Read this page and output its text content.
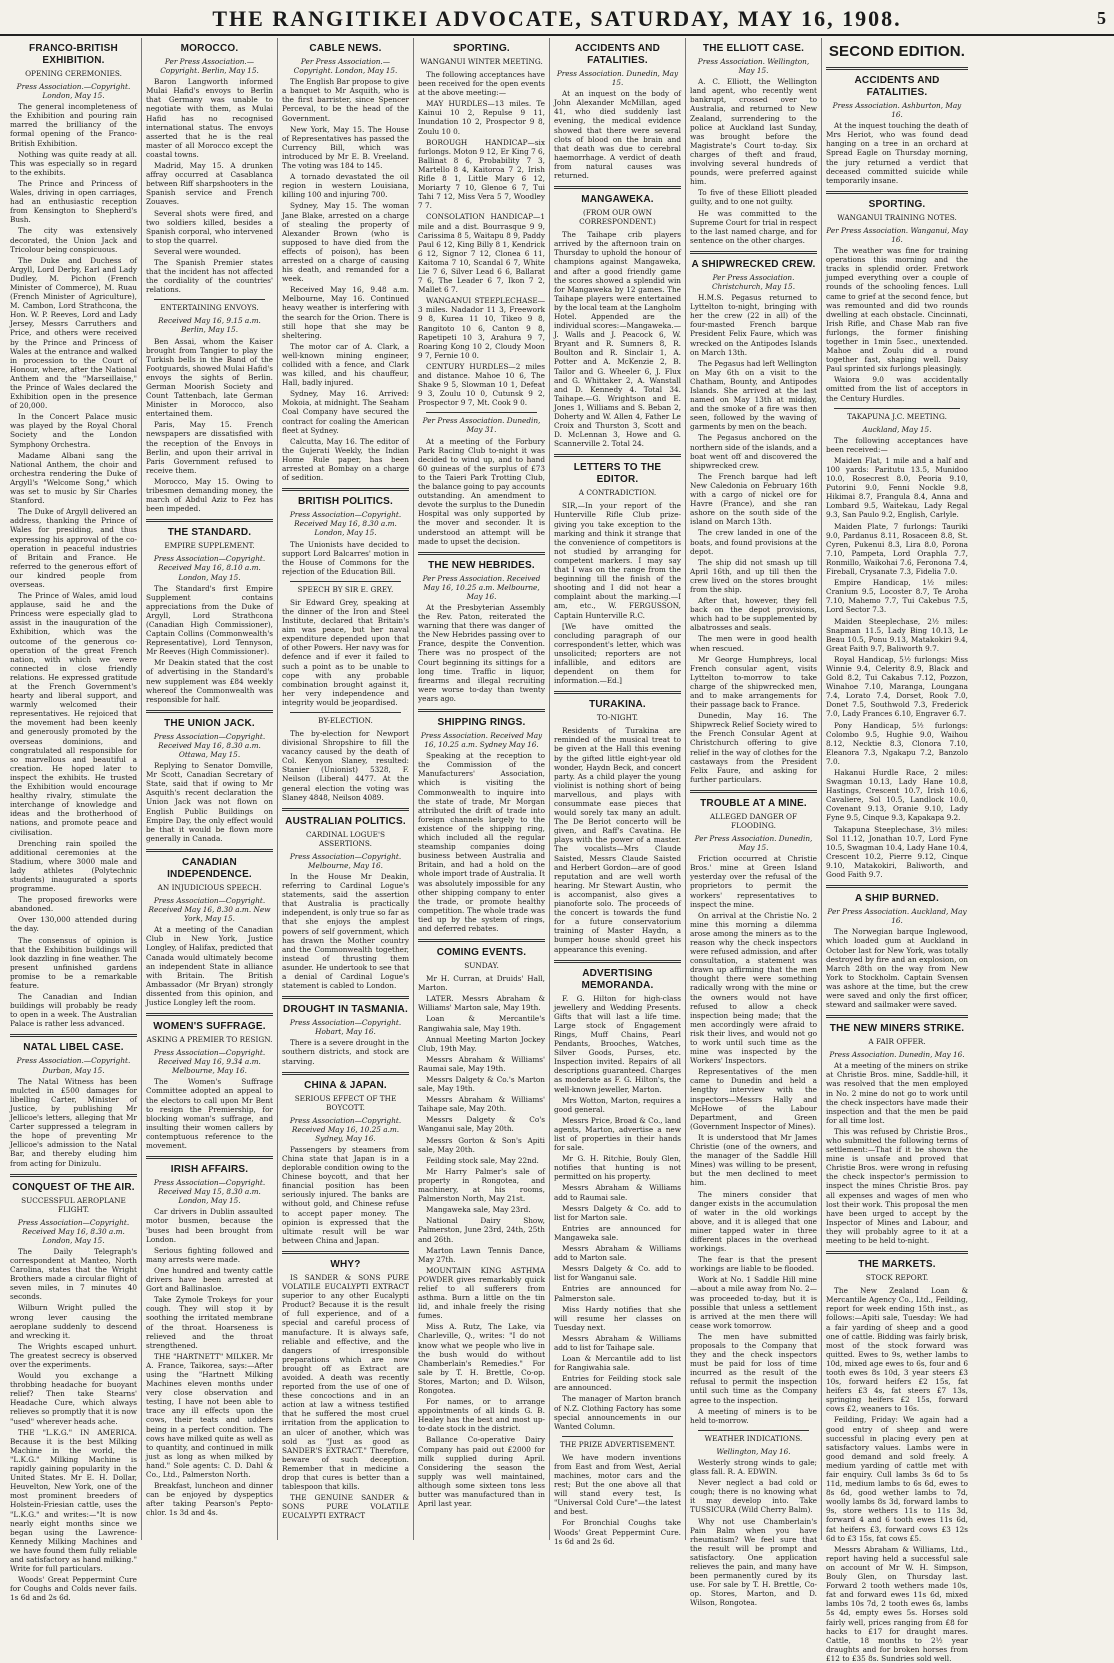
THE RANGITIKEI ADVOCATE, SATURDAY, MAY 16, 1908.	5
FRANCO-BRITISH EXHIBITION.
OPENING CEREMONIES.

Press Association.—Copyright. London, May 15.

The general incompleteness of the Exhibition and pouring rain marred the brilliancy of the formal opening of the Franco-British Exhibition.

Nothing was quite ready at all. This was especially so in regard to the exhibits.

The Prince and Princess of Wales, driving in open carriages, had an enthusiastic reception from Kensington to Shepherd's Bush.

The city was extensively decorated, the Union Jack and Tricolour being conspicuous.

The Duke and Duchess of Argyll, Lord Derby, Earl and Lady Dudley, M. Pichon (French Minister of Commerce), M. Ruau (French Minister of Agriculture), M. Cambon, Lord Strathcona, the Hon. W. P. Reeves, Lord and Lady Jersey, Messrs Carruthers and Price, and others were received by the Prince and Princess of Wales at the entrance and walked in procession to the Court of Honour, where, after the National Anthem and the "Marseillaise," the Prince of Wales declared the Exhibition open in the presence of 20,000.

In the Concert Palace music was played by the Royal Choral Society and the London Symphony Orchestra.

Madame Albani sang the National Anthem, the choir and orchestra rendering the Duke of Argyll's "Welcome Song," which was set to music by Sir Charles Stanford.

The Duke of Argyll delivered an address, thanking the Prince of Wales for presiding, and thus expressing his approval of the co-operation in peaceful industries of Britain and France. He referred to the generous effort of our kindred people from overseas.

The Prince of Wales, amid loud applause, said he and the Princess were especially glad to assist in the inauguration of the Exhibition, which was the outcome of the generous co-operation of the great French nation, with which we were connected in close friendly relations. He expressed gratitude at the French Government's hearty and liberal support, and warmly welcomed their representatives. He rejoiced that the movement had been keenly and generously promoted by the overseas dominions, and congratulated all responsible for so marvellous and beautiful a creation. He hoped later to inspect the exhibits. He trusted the Exhibition would encourage healthy rivalry, stimulate the interchange of knowledge and ideas and the brotherhood of nations, and promote peace and civilisation.

Drenching rain spoiled the additional ceremonies at the Stadium, where 3000 male and lady athletes (Polytechnic students) inaugurated a sports programme.

The proposed fireworks were abandoned.

Over 130,000 attended during the day.

The consensus of opinion is that the Exhibition buildings will look dazzling in fine weather. The present unfinished gardens promise to be a remarkable feature.

The Canadian and Indian buildings will probably be ready to open in a week. The Australian Palace is rather less advanced.

NATAL LIBEL CASE.

Press Association.—Copyright. Durban, May 15.

The Natal Witness has been mulcted in £500 damages for libelling Carter, Minister of Justice, by publishing Mr Jellicoe's letters, alleging that Mr Carter suppressed a telegram in the hope of preventing Mr Jellicoe's admission to the Natal Bar, and thereby eluding him from acting for Dinizulu.

CONQUEST OF THE AIR.
SUCCESSFUL AEROPLANE FLIGHT.

Press Association—Copyright. Received May 16, 8.30 a.m. London, May 15.

The Daily Telegraph's correspondent at Manteo, North Carolina, states that the Wright Brothers made a circular flight of seven miles, in 7 minutes 40 seconds.

Wilburn Wright pulled the wrong lever causing the aeroplane suddenly to descend and wrecking it.

The Wrights escaped unhurt. The greatest secrecy is observed over the experiments.

Would you exchange a throbbing headache for buoyant relief? Then take Stearns' Headache Cure, which always relieves so promptly that it is now "used" wherever heads ache.

THE "L.K.G." IN AMERICA. Because it is the best Milking Machine in the world, the "L.K.G." Milking Machine is rapidly gaining popularity in the United States. Mr E. H. Dollar, Heuvelton, New York, one of the most prominent breeders of Holstein-Friesian cattle, uses the "L.K.G." and writes:—"It is now nearly eight months since we began using the Lawrence-Kennedy Milking Machines and we have found them fully reliable and satisfactory as hand milking." Write for full particulars.

Woods' Great Peppermint Cure for Coughs and Colds never fails. 1s 6d and 2s 6d.

MOROCCO.

Per Press Association.—Copyright. Berlin, May 15.

Baron Langworth informed Mulai Hafid's envoys to Berlin that Germany was unable to negotiate with them, as Mulai Hafid has no recognised international status. The envoys asserted that he is the real master of all Morocco except the coastal towns.

Madrid, May 15. A drunken affray occurred at Casablanca between Riff sharpshooters in the Spanish service and French Zouaves.

Several shots were fired, and two soldiers killed, besides a Spanish corporal, who intervened to stop the quarrel.

Several were wounded.

The Spanish Premier states that the incident has not affected the cordiality of the countries' relations.

ENTERTAINING ENVOYS.

Received May 16, 9.15 a.m. Berlin, May 15.

Ben Assai, whom the Kaiser brought from Tangier to play the Turkish bells in the Band of the Footguards, showed Mulai Hafid's envoys the sights of Berlin. German Moorish Society and Count Tattenbach, late German Minister in Morocco, also entertained them.

Paris, May 15. French newspapers are dissatisfied with the reception of the Envoys in Berlin, and upon their arrival in Paris Government refused to receive them.

Morocco, May 15. Owing to tribesmen demanding money, the march of Abdul Aziz to Fez has been impeded.

THE STANDARD.
EMPIRE SUPPLEMENT.

Press Association—Copyright. Received May 16, 8.10 a.m. London, May 15.

The Standard's first Empire Supplement contains appreciations from the Duke of Argyll, Lord Strathcona (Canadian High Commissioner), Captain Collins (Commonwealth's Representative), Lord Tennyson, Mr Reeves (High Commissioner).

Mr Deakin stated that the cost of advertising in the Standard's new supplement was £84 weekly whereof the Commonwealth was responsible for half.

THE UNION JACK.

Press Association—Copyright. Received May 16, 8.30 a.m. Ottawa, May 15.

Replying to Senator Domville, Mr Scott, Canadian Secretary of State, said that if owing to Mr Asquith's recent declaration the Union Jack was not flown on English Public Buildings on Empire Day, the only effect would be that it would be flown more generally in Canada.

CANADIAN INDEPENDENCE.
AN INJUDICIOUS SPEECH.

Press Association—Copyright. Received May 16, 8.30 a.m. New York, May 15.

At a meeting of the Canadian Club in New York, Justice Longley, of Halifax, predicted that Canada would ultimately become an independent State in alliance with Britain. The British Ambassador (Mr Bryan) strongly dissented from this opinion, and Justice Longley left the room.

WOMEN'S SUFFRAGE.
ASKING A PREMIER TO RESIGN.

Press Association—Copyright. Received May 16, 9.34 a.m. Melbourne, May 16.

The Women's Suffrage Committee adopted an appeal to the electors to call upon Mr Bent to resign the Premiership, for blocking woman's suffrage, and insulting their women callers by contemptuous reference to the movement.

IRISH AFFAIRS.

Press Association—Copyright. Received May 15, 8.30 a.m. London, May 15.

Car drivers in Dublin assaulted motor busmen, because the 'buses had been brought from London.

Serious fighting followed and many arrests were made.

One hundred and twenty cattle drivers have been arrested at Gort and Ballinasloe.

Take Zymole Trokeys for your cough. They will stop it by soothing the irritated membrane of the throat. Hoarseness is relieved and the throat strengthened.

THE "HARTNETT" MILKER. Mr A. France, Taikorea, says:—After using the "Hartnett Milking Machines eleven months under very close observation and testing, I have not been able to trace any ill effects upon the cows, their teats and udders being in a perfect condition. The cows have milked quite as well as to quantity, and continued in milk just as long as when milked by hand." Sole agents: C. D. Dahl & Co., Ltd., Palmerston North.

Breakfast, luncheon and dinner can be enjoyed by dyspeptics after taking Pearson's Pepto-chlor. 1s 3d and 4s.

CABLE NEWS.

Per Press Association.—Copyright. London, May 15.

The English Bar propose to give a banquet to Mr Asquith, who is the first barrister, since Spencer Perceval, to be the head of the Government.

New York, May 15. The House of Representatives has passed the Currency Bill, which was introduced by Mr E. B. Vreeland. The voting was 184 to 145.

A tornado devastated the oil region in western Louisiana, killing 100 and injuring 700.

Sydney, May 15. The woman Jane Blake, arrested on a charge of stealing the property of Alexander Brown (who is supposed to have died from the effects of poison), has been arrested on a charge of causing his death, and remanded for a week.

Received May 16, 9.48 a.m. Melbourne, May 16. Continued heavy weather is interfering with the search for the Orion. There is still hope that she may be sheltering.

The motor car of A. Clark, a well-known mining engineer, collided with a fence, and Clark was killed, and his chauffeur, Hall, badly injured.

Sydney, May 16. Arrived: Mokoia, at midnight. The Seaham Coal Company have secured the contract for coaling the American fleet at Sydney.

Calcutta, May 16. The editor of the Gujerati Weekly, the Indian Home Rule paper, has been arrested at Bombay on a charge of sedition.

BRITISH POLITICS.

Press Association—Copyright. Received May 16, 8.30 a.m. London, May 15.

The Unionists have decided to support Lord Balcarres' motion in the House of Commons for the rejection of the Education Bill.

SPEECH BY SIR E. GREY.

Sir Edward Grey, speaking at the dinner of the Iron and Steel Institute, declared that Britain's aim was peace, but her naval expenditure depended upon that of other Powers. Her navy was for defence and if ever it failed to such a point as to be unable to cope with any probable combination brought against it, her very independence and integrity would be jeopardised.

BY-ELECTION.

The by-election for Newport divisional Shropshire to fill the vacancy caused by the death of Col. Kenyon Slaney, resulted: Stanier (Unionist) 5328, F. Neilson (Liberal) 4477. At the general election the voting was Slaney 4848, Neilson 4089.

AUSTRALIAN POLITICS.
CARDINAL LOGUE'S ASSERTIONS.

Press Association—Copyright. Melbourne, May 16.

In the House Mr Deakin, referring to Cardinal Logue's statements, said the assertion that Australia is practically independent, is only true so far as that she enjoys the amplest powers of self government, which has drawn the Mother country and the Commonwealth together, instead of thrusting them asunder. He undertook to see that a denial of Cardinal Logue's statement is cabled to London.

DROUGHT IN TASMANIA.

Press Association—Copyright. Hobart, May 16.

There is a severe drought in the southern districts, and stock are starving.

CHINA & JAPAN.
SERIOUS EFFECT OF THE BOYCOTT.

Press Association—Copyright. Received May 16, 10.25 a.m. Sydney, May 16.

Passengers by steamers from China state that Japan is in a deplorable condition owing to the Chinese boycott, and that her financial position has been seriously injured. The banks are without gold, and Chinese refuse to accept paper money. The opinion is expressed that the ultimate result will be war between China and Japan.

WHY?

IS SANDER & SONS PURE VOLATILE EUCALYPTI EXTRACT superior to any other Eucalypti Product? Because it is the result of full experience, and of a special and careful process of manufacture. It is always safe, reliable and effective, and the dangers of irresponsible preparations which are now brought off as Extract are avoided. A death was recently reported from the use of one of these concoctions and in an action at law a witness testified that he suffered the most cruel irritation from the application to an ulcer of another, which was sold as "Just as good as SANDER'S EXTRACT." Therefore, beware of such deception. Remember that in medicine a drop that cures is better than a tablespoon that kills.

THE GENUINE SANDER & SONS PURE VOLATILE EUCALYPTI EXTRACT

SPORTING.
WANGANUI WINTER MEETING.

The following acceptances have been received for the open events at the above meeting:—

MAY HURDLES—13 miles. Te Kainui 10 2, Repulse 9 11, Inundation 10 2, Prospector 9 8, Zoulu 10 0.

BOROUGH HANDICAP—six furlongs. Moton 9 12, Er King 7 6, Ballinat 8 6, Probability 7 3, Martello 8 4, Kaitoroa 7 2, Irish Rifle 8 1, Little Mary 6 12, Moriarty 7 10, Glenoe 6 7, Tui Tahi 7 12, Miss Vera 5 7, Woodley 7 7.

CONSOLATION HANDICAP—1 mile and a dist. Bourrasque 9 9, Carissima 8 5, Waitapu 8 9, Paddy Paul 6 12, King Billy 8 1, Kendrick 6 12, Signor 7 12, Clonea 6 11, Kaitoma 7 10, Scandal 6 7, White Lie 7 6, Silver Lead 6 6, Ballarat 7 6, The Leader 6 7, Ikon 7 2, Mallet 6 7.

WANGANUI STEEPLECHASE—3 miles. Nadador 11 3, Freework 9 8, Kurea 11 10, Tikeo 9 8, Rangitoto 10 6, Canton 9 8, Rapetipeti 10 3, Arahura 9 7, Roaring Kong 10 2, Cloudy Moon 9 7, Fernie 10 0.

CENTURY HURDLES—2 miles and distance. Mahoe 10 6, The Shake 9 5, Slowman 10 1, Defeat 9 3, Zoulu 10 0, Cutunsk 9 2, Prospector 9 7, Mt. Cook 9 0.

Per Press Association. Dunedin, May 31.

At a meeting of the Forbury Park Racing Club to-night it was decided to wind up, and to hand 60 guineas of the surplus of £73 to the Taieri Park Trotting Club, the balance going to pay accounts outstanding. An amendment to devote the surplus to the Dunedin Hospital was only supported by the mover and seconder. It is understood an attempt will be made to upset the decision.

THE NEW HEBRIDES.

Per Press Association. Received May 16, 10.25 a.m. Melbourne, May 16.

At the Presbyterian Assembly the Rev. Paton, reiterated the warning that there was danger of the New Hebrides passing over to France, despite the Convention. There was no prospect of the Court beginning its sittings for a long time. Traffic in liquor, firearms and illegal recruiting were worse to-day than twenty years ago.

SHIPPING RINGS.

Press Association. Received May 16, 10.25 a.m. Sydney May 16.

Speaking at the reception to the Commission of the Manufacturers' Association, which is visiting the Commonwealth to inquire into the state of trade, Mr Morgan attributed the drift of trade into foreign channels largely to the existence of the shipping ring, which included all the regular steamship companies doing business between Australia and Britain, and had a hold on the whole import trade of Australia. It was absolutely impossible for any other shipping company to enter the trade, or promote healthy competition. The whole trade was tied up by the system of rings, and deferred rebates.

COMING EVENTS.
SUNDAY.

Mr H. Curran, at Druids' Hall, Marton.

LATER. Messrs Abraham & Williams' Marton sale, May 19th.

Loan & Mercantile's Rangiwahia sale, May 19th.

Annual Meeting Marton Jockey Club, 19th May.

Messrs Abraham & Williams' Raumai sale, May 19th.

Messrs Dalgety & Co.'s Marton sale, May 19th.

Messrs Abraham & Williams' Taihape sale, May 20th.

Messrs Dalgety & Co's Wanganui sale, May 20th.

Messrs Gorton & Son's Apiti sale, May 20th.

Feilding stock sale, May 22nd.

Mr Harry Palmer's sale of property in Rongotea, and machinery, at his rooms, Palmerston North, May 21st.

Mangaweka sale, May 23rd.

National Dairy Show, Palmerston, June 23rd, 24th, 25th and 26th.

Marton Lawn Tennis Dance, May 27th.

MOUNTAIN KING ASTHMA POWDER gives remarkably quick relief to all sufferers from asthma. Burn a little on the tin lid, and inhale freely the rising fumes.

Miss A. Rutz, The Lake, via Charleville, Q., writes: "I do not know what we people who live in the bush would do without Chamberlain's Remedies." For sale by T. H. Brettle, Co-op. Stores, Marton; and D. Wilson, Rongotea.

For names, or to arrange appointments of all kinds G. B. Healey has the best and most up-to-date stock in the district.

Ballance Co-operative Dairy Company has paid out £2000 for milk supplied during April. Considering the season the supply was well maintained, although some sixteen tons less butter was manufactured than in April last year.

ACCIDENTS AND FATALITIES.

Press Association. Dunedin, May 15.

At an inquest on the body of John Alexander McMillan, aged 41, who died suddenly last evening, the medical evidence showed that there were several clots of blood on the brain and that death was due to cerebral haemorrhage. A verdict of death from natural causes was returned.

MANGAWEKA.
(FROM OUR OWN CORRESPONDENT.)

The Taihape crib players arrived by the afternoon train on Thursday to uphold the honour of champions against Mangaweka, and after a good friendly game the scores showed a splendid win for Mangaweka by 12 games. The Taihape players were entertained by the local team at the Langholm Hotel. Appended are the individual scores:—Mangaweka.—J. Walls and J. Peacock 6, W. Bryant and R. Sumners 8, R. Boulton and R. Sinclair 1, A. Potter and A. McKenzie 2, B. Tailor and G. Wheeler 6, J. Flux and G. Whittaker 2, A. Wanstall and D. Kennedy 4. Total 34. Taihape.—G. Wrightson and E. Jones 1, Williams and S. Beban 2, Doherty and W. Allen 4, Father Le Croix and Thurston 3, Scott and D. McLennan 3, Howe and G. Scannerville 2. Total 24.

LETTERS TO THE EDITOR.
A CONTRADICTION.

SIR,—In your report of the Hunterville Rifle Club prize-giving you take exception to the marking and think it strange that the convenience of competitors is not studied by arranging for competent markers. I may say that I was on the range from the beginning till the finish of the shooting and I did not hear a complaint about the marking.—I am, etc., W. FERGUSSON, Captain Hunterville R.C.

[We have omitted the concluding paragraph of our correspondent's letter, which was unsolicited; reporters are not infallible, and editors are dependent on them for information.—Ed.]

TURAKINA.
TO-NIGHT.

Residents of Turakina are reminded of the musical treat to be given at the Hall this evening by the gifted little eight-year old wonder, Haydn Beck, and concert party. As a child player the young violinist is nothing short of being marvellous, and plays with consummate ease pieces that would sorely tax many an adult. The De Beriot concerto will be given, and Raff's Cavatina. He plays with the power of a master. The vocalists—Mrs Claude Saisted, Messrs Claude Saisted and Herbert Gordon—are of good reputation and are well worth hearing. Mr Stewart Austin, who is accompanist, also gives a pianoforte solo. The proceeds of the concert is towards the fund for a future conservatorium training of Master Haydn, a bumper house should greet his appearance this evening.

ADVERTISING MEMORANDA.

F. G. Hilton for high-class jewellery and Wedding Presents. Gifts that will last a life time. Large stock of Engagement Rings, Muff Chains, Pearl Pendants, Brooches, Watches, Silver Goods, Purses, etc. Inspection invited. Repairs of all descriptions guaranteed. Charges as moderate as F. G. Hilton's, the well-known jeweller, Marton.

Mrs Wotton, Marton, requires a good general.

Messrs Price, Broad & Co., land agents, Marton, advertise a new list of properties in their hands for sale.

Mr G. H. Ritchie, Bouly Glen, notifies that hunting is not permitted on his property.

Messrs Abraham & Williams add to Raumai sale.

Messrs Dalgety & Co. add to list for Marton sale.

Entries are announced for Mangaweka sale.

Messrs Abraham & Williams add to Marton sale.

Messrs Dalgety & Co. add to list for Wanganui sale.

Entries are announced for Palmerston sale.

Miss Hardy notifies that she will resume her classes on Tuesday next.

Messrs Abraham & Williams add to list for Taihape sale.

Loan & Mercantile add to list for Rangiwahia sale.

Entries for Feilding stock sale are announced.

The manager of Marton branch of N.Z. Clothing Factory has some special announcements in our Wanted Column.

THE PRIZE ADVERTISEMENT.

We have modern inventions from East and from West, Aerial machines, motor cars and the rest; But the one above all that will stand every test, Is "Universal Cold Cure"—the latest and best.

For Bronchial Coughs take Woods' Great Peppermint Cure. 1s 6d and 2s 6d.

THE ELLIOTT CASE.

Press Association. Wellington, May 15.

A. C. Elliott, the Wellington land agent, who recently went bankrupt, crossed over to Australia, and returned to New Zealand, surrendering to the police at Auckland last Sunday, was brought before the Magistrate's Court to-day. Six charges of theft and fraud, involving several hundreds of pounds, were preferred against him.

To five of these Elliott pleaded guilty, and to one not guilty.

He was committed to the Supreme Court for trial in respect to the last named charge, and for sentence on the other charges.

A SHIPWRECKED CREW.

Per Press Association. Christchurch, May 15.

H.M.S. Pegasus returned to Lyttelton to-night, bringing with her the crew (22 in all) of the four-masted French barque President Felix Faure, which was wrecked on the Antipodes Islands on March 13th.

The Pegasus had left Wellington on May 6th on a visit to the Chatham, Bounty, and Antipodes Islands. She arrived at the last named on May 13th at midday, and the smoke of a fire was then seen, followed by the waving of garments by men on the beach.

The Pegasus anchored on the northern side of the islands, and a boat went off and discovered the shipwrecked crew.

The French barque had left New Caledonia on February 16th with a cargo of nickel ore for Havre (France), and she ran ashore on the south side of the island on March 13th.

The crew landed in one of the boats, and found provisions at the depot.

The ship did not smash up till April 16th, and up till then the crew lived on the stores brought from the ship.

After that, however, they fell back on the depot provisions, which had to be supplemented by albatrosses and seals.

The men were in good health when rescued.

Mr George Humphreys, local French consular agent, visits Lyttelton to-morrow to take charge of the shipwrecked men, and to make arrangements for their passage back to France.

Dunedin, May 16. The Shipwreck Relief Society wired to the French Consular Agent at Christchurch offering to give relief in the way of clothes for the castaways from the President Felix Faure, and asking for further particulars.

TROUBLE AT A MINE.
ALLEGED DANGER OF FLOODING.

Per Press Association. Dunedin, May 15.

Friction occurred at Christie Bros.' mine at Green Island yesterday over the refusal of the proprietors to permit the workers' representatives to inspect the mine.

On arrival at the Christie No. 2 mine this morning a dilemma arose among the miners as to the reason why the check inspectors were refused admission, and after consultation, a statement was drawn up affirming that the men thought there were something radically wrong with the mine or the owners would not have refused to allow a check inspection being made; that the men accordingly were afraid to risk their lives, and would not go to work until such time as the mine was inspected by the Workers' Inspectors.

Representatives of the men came to Dunedin and held a lengthy interview with the inspectors—Messrs Hally and McHowe of the Labour Department, and Green (Government Inspector of Mines).

It is understood that Mr James Christie (one of the owners, and the manager of the Saddle Hill Mines) was willing to be present, but the men declined to meet him.

The miners consider that danger exists in the accumulation of water in the old workings above, and it is alleged that one miner tapped water in three different places in the overhead workings.

The fear is that the present workings are liable to be flooded.

Work at No. 1 Saddle Hill mine—about a mile away from No. 2—was proceeded to-day, but it is possible that unless a settlement is arrived at the men there will cease work tomorrow.

The men have submitted proposals to the Company that they and the check inspectors must be paid for loss of time incurred as the result of the refusal to permit the inspection until such time as the Company agree to the inspection.

A meeting of miners is to be held to-morrow.

WEATHER INDICATIONS.

Wellington, May 16.

Westerly strong winds to gale; glass fall. R. A. EDWIN.

Never neglect a bad cold or cough; there is no knowing what it may develop into. Take TUSSICURA (Wild Cherry Balm).

Why not use Chamberlain's Pain Balm when you have rheumatism? We feel sure that the result will be prompt and satisfactory. One application relieves the pain, and many have been permanently cured by its use. For sale by T. H. Brettle, Co-op. Stores, Marton, and D. Wilson, Rongotea.

SECOND EDITION.
ACCIDENTS AND FATALITIES.

Press Association. Ashburton, May 16.

At the inquest touching the death of Mrs Heriot, who was found dead hanging on a tree in an orchard at Spread Eagle on Thursday morning, the jury returned a verdict that deceased committed suicide while temporarily insane.

SPORTING.
WANGANUI TRAINING NOTES.

Per Press Association. Wanganui, May 16.

The weather was fine for training operations this morning and the tracks in splendid order. Fretwork jumped everything over a couple of rounds of the schooling fences. Lull came to grief at the second fence, but was remounted and did two rounds dwelling at each obstacle. Cincinnati, Irish Rifle, and Chase Mab ran five furlongs, the former finishing together in 1min 5sec., unextended. Mahoe and Zoulu did a round together fast, shaping well. Daisy Paul sprinted six furlongs pleasingly.

Waiora 9.0 was accidentally omitted from the list of acceptors in the Century Hurdles.

TAKAPUNA J.C. MEETING.

Auckland, May 15.

The following acceptances have been received:—

Maiden Flat, 1 mile and a half and 100 yards: Paritutu 13.5, Munidoo 10.0, Rosecrest 8.0, Peoria 9.10, Putorini 9.0, Fenni Nockle 9.8, Hikimai 8.7, Frangula 8.4, Anna and Lombard 9.5, Waitekau, Lady Regal 9.3, San Paulo 9.2, English, Carlyle.

Maiden Plate, 7 furlongs: Tauriki 9.0, Pardanus 8.11, Rosaceen 8.8, St. Cyren, Pukenui 8.3, Lira 8.0, Porona 7.10, Pampeta, Lord Oraphla 7.7, Ronmillo, Waikohai 7.6, Feronona 7.4, Fireball, Crysanate 7.3, Fidelia 7.0.

Empire Handicap, 1½ miles: Cranium 9.5, Locoster 8.7, Te Aroha 7.10, Mahemo 7.7, Tui Cakebus 7.5, Lord Sector 7.3.

Maiden Steeplechase, 2½ miles: Snapman 11.5, Lady Bing 10.13, Le Beau 10.5, Ponu 9.13, Matakokiri 9.4, Great Faith 9.7, Baliworth 9.7.

Royal Handicap, 5½ furlongs: Miss Winnie 9.4, Celerity 8.9, Black and Gold 8.2, Tui Cakabus 7.12, Pozzon, Winahoe 7.10, Maranga, Loungana 7.4, Lorato 7.4, Dorset, Rook 7.0, Donet 7.5, Southwold 7.3, Frederick 7.0, Lady Frances 6.10, Engraver 6.7.

Pony Handicap, 5½ furlongs: Colombo 9.5, Hughie 9.0, Waihou 8.12, Necktie 8.3, Clonora 7.10, Eleanora 7.3, Ngakapu 7.2, Banzolo 7.0.

Hakanui Hurdle Race, 2 miles: Swagman 10.13, Lady Hane 10.8, Hastings, Crescent 10.7, Irish 10.6, Cavaliere, Sol 10.5, Landlock 10.0, Covenant 9.13, Oranie 9.10, Lady Fyne 9.5, Cinque 9.3, Kapakapa 9.2.

Takapuna Steeplechase, 3½ miles: Sol 11.12, Jonathan 10.7, Lord Fyne 10.5, Swagman 10.4, Lady Hane 10.4, Crescent 10.2, Pierre 9.12, Cinque 9.10, Matakokiri, Baliworth, and Good Faith 9.7.

A SHIP BURNED.

Per Press Association. Auckland, May 16.

The Norwegian barque Inglewood, which loaded gum at Auckland in October last for New York, was totally destroyed by fire and an explosion, on March 28th on the way from New York to Stockholm. Captain Svensen was ashore at the time, but the crew were saved and only the first officer, steward and sailmaker were saved.

THE NEW MINERS STRIKE.
A FAIR OFFER.

Press Association. Dunedin, May 16.

At a meeting of the miners on strike at Christie Bros. mine, Saddle-hill, it was resolved that the men employed in No. 2 mine do not go to work until the check inspectors have made their inspection and that the men be paid for all time lost.

This was refused by Christie Bros., who submitted the following terms of settlement:—That if it be shown the mine is unsafe and proved that Christie Bros. were wrong in refusing the check inspector's permission to inspect the mines Christie Bros. pay all expenses and wages of men who lost their work. This proposal the men have been urged to accept by the Inspector of Mines and Labour, and they will probably agree to it at a meeting to be held to-night.

THE MARKETS.
STOCK REPORT.

The New Zealand Loan & Mercantile Agency Co., Ltd., Feilding, report for week ending 15th inst., as follows:—Apiti sale, Tuesday: We had a fair yarding of sheep and a good one of cattle. Bidding was fairly brisk, most of the stock forward was quitted. Ewes to 9s, wether lambs to 10d, mixed age ewes to 6s, four and 6 tooth ewes 8s 10d, 3 year steers £3 10s, forward heifers £2 15s, fat heifers £3 4s, fat steers £7 13s, springing heifers £2 15s, forward cows £2, weaners to 16s.

Feilding, Friday: We again had a good entry of sheep and were successful in placing every pen at satisfactory values. Lambs were in good demand and sold freely. A medium yarding of cattle met with fair enquiry. Cull lambs 3s 6d to 5s 11d, medium lambs to 6s 6d, ewes to 8s 6d, good wether lambs to 7d, woolly lambs 8s 3d, forward lambs to 9s, store wethers 11s to 11s 3d, forward 4 and 6 tooth ewes 11s 6d, fat heifers £3, forward cows £3 12s 6d to £3 15s, fat cows £5.

Messrs Abraham & Williams, Ltd., report having held a successful sale on account of Mr W. H. Simpson, Bouly Glen, on Thursday last. Forward 2 tooth wethers made 10s, fat and forward ewes 11s 6d, mixed lambs 10s 7d, 2 tooth ewes 6s, lambs 5s 4d, empty ewes 5s. Horses sold fairly well, prices ranging from £8 for hacks to £17 for draught mares. Cattle, 18 months to 2½ year draughts and for broken horses from £12 to £35 8s. Sundries sold well.
